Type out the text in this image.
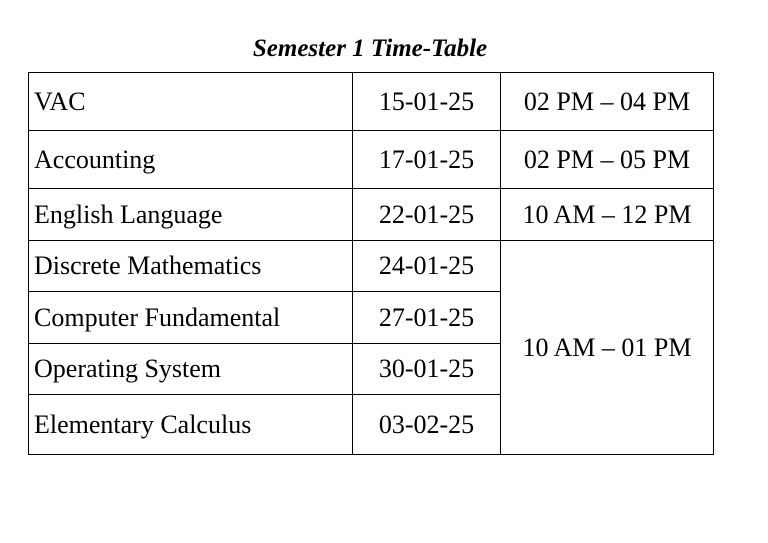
Semester 1 Time-Table
VAC	15-01-25	02 PM – 04 PM
Accounting	17-01-25	02 PM – 05 PM
English Language	22-01-25	10 AM – 12 PM
Discrete Mathematics	24-01-25	10 AM – 01 PM
Computer Fundamental	27-01-25	
Operating System	30-01-25	
Elementary Calculus	03-02-25	
